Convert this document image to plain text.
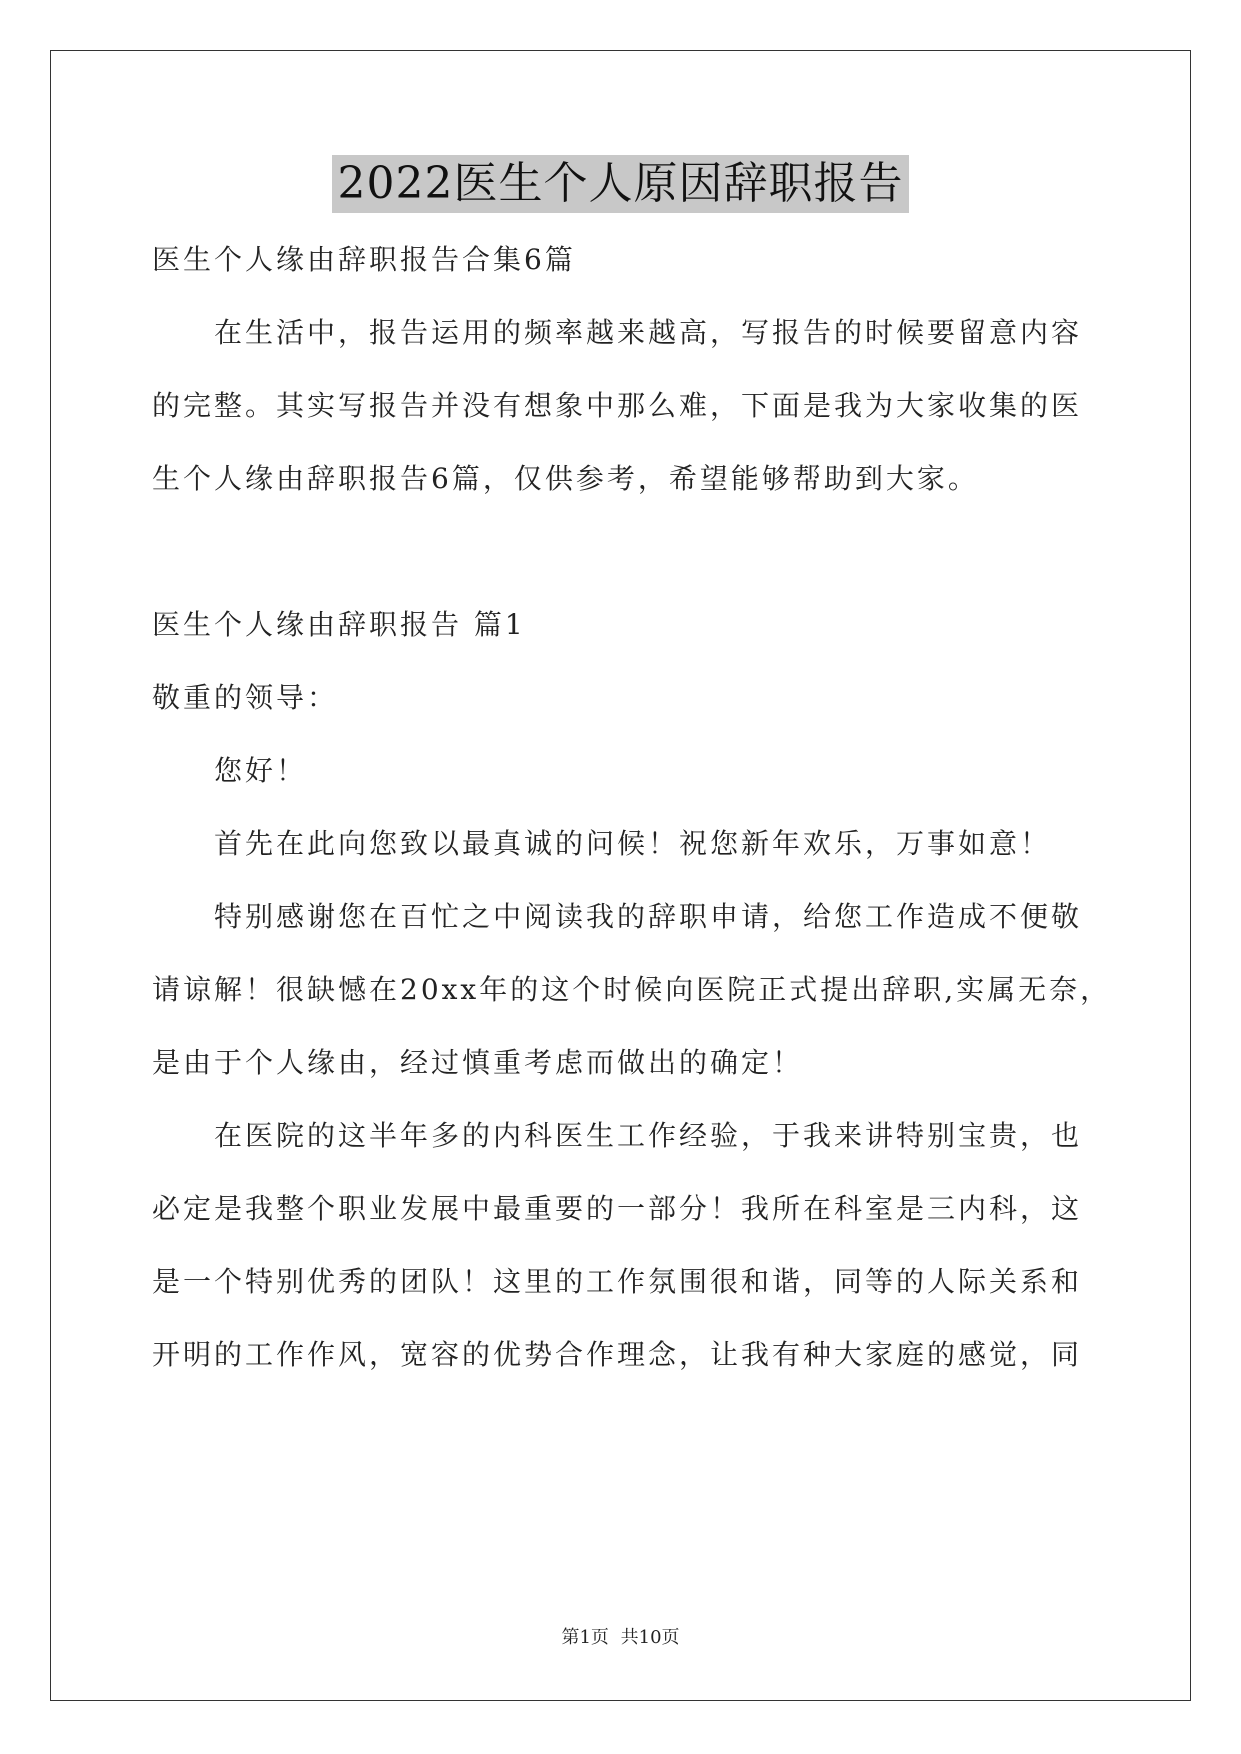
2022医生个人原因辞职报告
医生个人缘由辞职报告合集6篇
在生活中，报告运用的频率越来越高，写报告的时候要留意内容
的完整。其实写报告并没有想象中那么难，下面是我为大家收集的医
生个人缘由辞职报告6篇，仅供参考，希望能够帮助到大家。
医生个人缘由辞职报告 篇1
敬重的领导：
您好！
首先在此向您致以最真诚的问候！祝您新年欢乐，万事如意！
特别感谢您在百忙之中阅读我的辞职申请，给您工作造成不便敬
请谅解！很缺憾在20xx年的这个时候向医院正式提出辞职,实属无奈，
是由于个人缘由，经过慎重考虑而做出的确定！
在医院的这半年多的内科医生工作经验，于我来讲特别宝贵，也
必定是我整个职业发展中最重要的一部分！我所在科室是三内科，这
是一个特别优秀的团队！这里的工作氛围很和谐，同等的人际关系和
开明的工作作风，宽容的优势合作理念，让我有种大家庭的感觉，同
第1页 共10页
